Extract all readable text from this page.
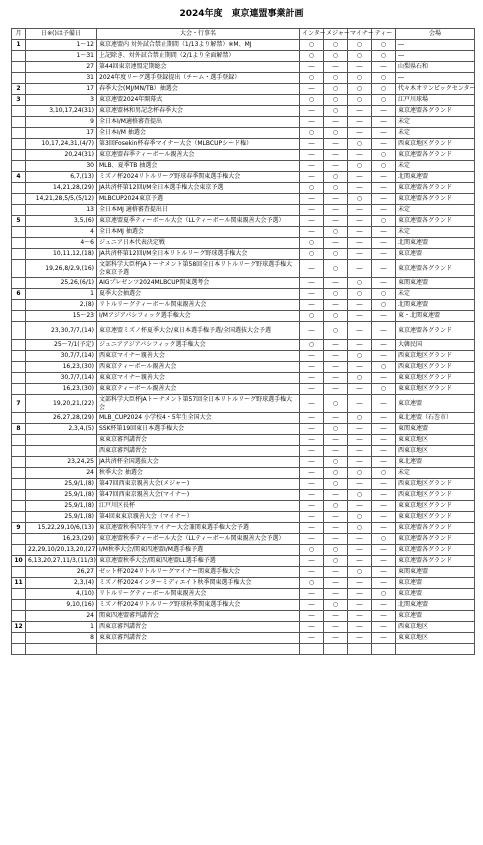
2024年度　東京連盟事業計画
月	日※()は予備日	大会・行事名	インター	メジャー	マイナー	ティー	会場
1	1～12	東京連盟内 対外試合禁止期間（1/13より解禁）※M、MJ	○	○	○	○	―
	1～31	上記除き、対外試合禁止期間（2/1より全面解禁）	○	○	○	○	―
	27	第44回東京連盟定期総会	―	―	―	―	山梨県石和
	31	2024年度リーグ選手登録提出（チーム・選手登録）	○	○	○	○	―
2	17	春季大会(MJ/MN/TB）抽選会	―	○	○	○	代々木オリンピックセンター
3	3	東京連盟2024年開幕式	○	○	○	○	江戸川球場
	3,10,17,24(31)	東京連盟林和男記念杯春季大会	―	○	―	―	東京連盟各グランド
	9	全日本I/M適格審査提出	―	―	―	―	未定
	17	全日本I/M 抽選会	○	○	―	―	未定
	10,17,24,31,(4/7)	第3回Fosekin杯春季マイナー大会（MLBCUPシード権）	―	―	○	―	西東京地区グランド
	20,24(31)	東京連盟春季ティーボール親善大会	―	―	―	○	東京連盟各グランド
	30	MLB、夏季TB 抽選会	―	―	○	○	未定
4	6,7,(13)	ミズノ杯2024リトルリーグ野球春季関東選手権大会	―	○	―	―	北関東連盟
	14,21,28,(29)	JA共済杯第12回I/M全日本選手権大会東京予選	○	○	―	―	東京連盟各グランド
	14,21,28,5/5,(5/12)	MLBCUP2024東京予選	―	―	○	―	東京連盟各グランド
	13	全日本MJ 適格審査提出日	―	―	―	―	未定
5	3,5,(6)	東京連盟夏季ティーボール大会（LLティーボール関東親善大会予選）	―	―	―	○	東京連盟各グランド
	4	全日本MJ 抽選会	―	○	―	―	未定
	4～6	ジュニア日本代表決定戦	○	―	―	―	北関東連盟
	10,11,12,(18)	JA共済杯第12回I/M全日本リトルリーグ野球選手権大会	○	○	―	―	東京連盟
	19,26,8/2,9,(16)	文部科学大臣杯JAトーナメント第58回全日本リトルリーグ野球選手権大会東京予選	―	○	―	―	東京連盟各グランド
	25,26,(6/1)	AIGプレゼンツ2024MLBCUP関東選考会	―	―	○	―	東関東連盟
6	1	夏季大会抽選会	―	○	○	○	未定
	2,(8)	リトルリーグティーボール関東親善大会	―	―	―	○	北関東連盟
	15～23	I/Mアジアパシフィック選手権大会	○	○	―	―	東・北関東連盟
	23,30,7/7,(14)	東京連盟ミズノ杯夏季大会/東日本選手権予選/全国選抜大会予選	―	○	―	―	東京連盟各グランド
	25～7/1(予定)	ジュニアアジアパシフィック選手権大会	○	―	―	―	大韓民国
	30,7/7,(14)	西東京マイナー親善大会	―	―	○	―	西東京地区グランド
	16,23,(30)	西東京ティーボール親善大会	―	―	―	○	西東京地区グランド
	30,7/7,(14)	東東京マイナー親善大会	―	―	○	―	東東京地区グランド
	16,23,(30)	東東京ティーボール親善大会	―	―	―	○	東東京地区グランド
7	19,20,21,(22)	文部科学大臣杯JAトーナメント第57回全日本リトルリーグ野球選手権大会	―	○	―	―	東京連盟
	26,27,28,(29)	MLB_CUP2024 小学校4・5年生全国大会	―	―	○	―	東北連盟（石巻市）
8	2,3,4,(5)	SSK杯第19回東日本選手権大会	―	○	―	―	東関東連盟
		東東京審判講習会	―	―	―	―	東東京地区
		西東京審判講習会	―	―	―	―	西東京地区
	23,24,25	JA共済杯全国選抜大会	―	○	―	―	東北連盟
	24	秋季大会 抽選会	―	○	○	○	未定
	25,9/1,(8)	第47回西東京親善大会(メジャー)	―	○	―	―	西東京地区グランド
	25,9/1,(8)	第47回西東京親善大会(マイナー)	―	―	○	―	西東京地区グランド
	25,9/1,(8)	江戸川区長杯	―	○	―	―	東東京地区グランド
	25,9/1,(8)	第4回東東京親善大会（マイナー）	―	―	○	―	東東京地区グランド
9	15,22,29,10/6,(13)	東京連盟秋季四年生マイナー大会兼関東選手権大会予選	―	―	○	―	東京連盟各グランド
	16,23,(29)	東京連盟秋季ティーボール大会（LLティーボール関東親善大会予選）	―	―	―	○	東京連盟各グランド
	22,29,10/20,13,20,(27)	I/M秋季大会/関東四連盟I/M選手権予選	○	○	―	―	東京連盟各グランド
10	6,13,20,27,11/3,(11/3)	東京連盟秋季大会/関東四連盟LL選手権予選	―	○	―	―	東京連盟各グランド
	26,27	ゼット杯2024リトルリーグマイナー関東選手権大会	―	―	○	―	東関東連盟
11	2,3,(4)	ミズノ杯2024インターミディエイト秋季関東選手権大会	○	―	―	―	東京連盟
	4,(10)	リトルリーグティーボール関東親善大会	―	―	―	○	東京連盟
	9,10,(16)	ミズノ杯2024リトルリーグ野球秋季関東選手権大会	―	○	―	―	北関東連盟
	24	関東四連盟審判講習会	―	―	―	―	東京連盟
12	1	西東京審判講習会	―	―	―	―	西東京地区
	8	東東京審判講習会	―	―	―	―	東東京地区
